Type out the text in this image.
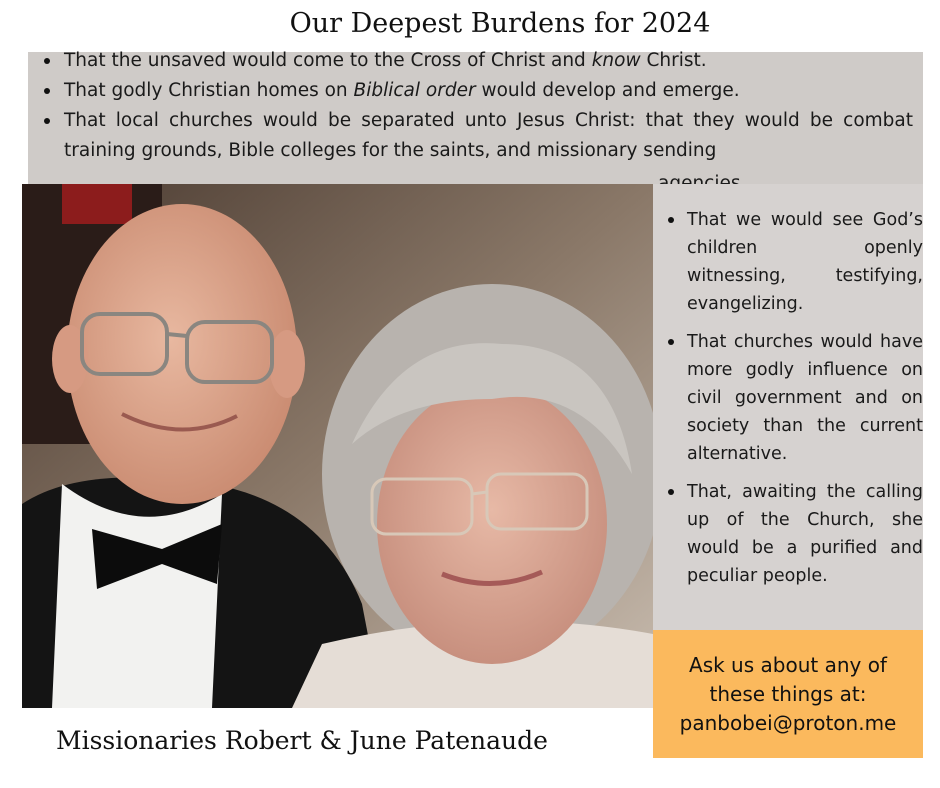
Our Deepest Burdens for 2024
That the unsaved would come to the Cross of Christ and know Christ.
That godly Christian homes on Biblical order would develop and emerge.
That local churches would be separated unto Jesus Christ: that they would be combat training grounds, Bible colleges for the saints, and missionary sending
That we would see God’s children openly witnessing, testifying, evangelizing.
That churches would have more godly influence on civil government and on society than the current alternative.
That, awaiting the calling up of the Church, she would be a purified and peculiar people.
Ask us about any of
these things at:
panbobei@proton.me
Missionaries Robert & June Patenaude
